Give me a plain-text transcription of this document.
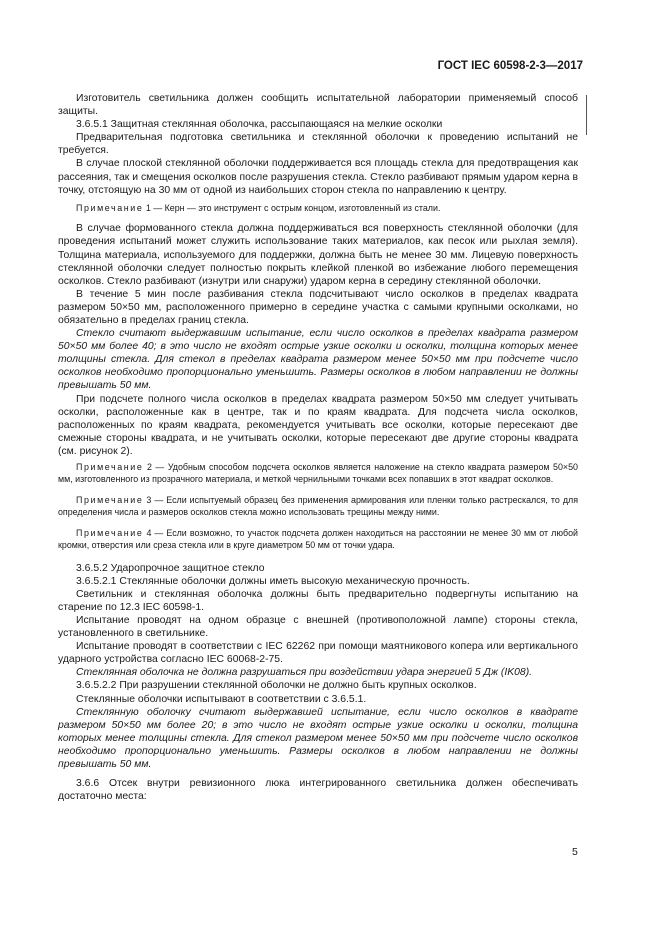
ГОСТ IEC 60598-2-3—2017

Изготовитель светильника должен сообщить испытательной лаборатории применяемый способ защиты.

3.6.5.1 Защитная стеклянная оболочка, рассыпающаяся на мелкие осколки

Предварительная подготовка светильника и стеклянной оболочки к проведению испытаний не требуется.

В случае плоской стеклянной оболочки поддерживается вся площадь стекла для предотвращения как рассеяния, так и смещения осколков после разрушения стекла. Стекло разбивают прямым ударом керна в точку, отстоящую на 30 мм от одной из наибольших сторон стекла по направлению к центру.

Примечание 1 — Керн — это инструмент с острым концом, изготовленный из стали.

В случае формованного стекла должна поддерживаться вся поверхность стеклянной оболочки (для проведения испытаний может служить использование таких материалов, как песок или рыхлая земля). Толщина материала, используемого для поддержки, должна быть не менее 30 мм. Лицевую поверхность стеклянной оболочки следует полностью покрыть клейкой пленкой во избежание любого перемещения осколков. Стекло разбивают (изнутри или снаружи) ударом керна в середину стеклянной оболочки.

В течение 5 мин после разбивания стекла подсчитывают число осколков в пределах квадрата размером 50×50 мм, расположенного примерно в середине участка с самыми крупными осколками, но обязательно в пределах границ стекла.

Стекло считают выдержавшим испытание, если число осколков в пределах квадрата размером 50×50 мм более 40; в это число не входят острые узкие осколки и осколки, толщина которых менее толщины стекла. Для стекол в пределах квадрата размером менее 50×50 мм при подсчете число осколков необходимо пропорционально уменьшить. Размеры осколков в любом направлении не должны превышать 50 мм.

При подсчете полного числа осколков в пределах квадрата размером 50×50 мм следует учитывать осколки, расположенные как в центре, так и по краям квадрата. Для подсчета числа осколков, расположенных по краям квадрата, рекомендуется учитывать все осколки, которые пересекают две смежные стороны квадрата, и не учитывать осколки, которые пересекают две другие стороны квадрата (см. рисунок 2).

Примечание 2 — Удобным способом подсчета осколков является наложение на стекло квадрата размером 50×50 мм, изготовленного из прозрачного материала, и меткой чернильными точками всех попавших в этот квадрат осколков.

Примечание 3 — Если испытуемый образец без применения армирования или пленки только растрескался, то для определения числа и размеров осколков стекла можно использовать трещины между ними.

Примечание 4 — Если возможно, то участок подсчета должен находиться на расстоянии не менее 30 мм от любой кромки, отверстия или среза стекла или в круге диаметром 50 мм от точки удара.

3.6.5.2 Ударопрочное защитное стекло

3.6.5.2.1 Стеклянные оболочки должны иметь высокую механическую прочность.

Светильник и стеклянная оболочка должны быть предварительно подвергнуты испытанию на старение по 12.3 IEC 60598-1.

Испытание проводят на одном образце с внешней (противоположной лампе) стороны стекла, установленного в светильнике.

Испытание проводят в соответствии с IEC 62262 при помощи маятникового копера или вертикального ударного устройства согласно IEC 60068-2-75.

Стеклянная оболочка не должна разрушаться при воздействии удара энергией 5 Дж (IK08).

3.6.5.2.2 При разрушении стеклянной оболочки не должно быть крупных осколков.

Стеклянные оболочки испытывают в соответствии с 3.6.5.1.

Стеклянную оболочку считают выдержавшей испытание, если число осколков в квадрате размером 50×50 мм более 20; в это число не входят острые узкие осколки и осколки, толщина которых менее толщины стекла. Для стекол размером менее 50×50 мм при подсчете число осколков необходимо пропорционально уменьшить. Размеры осколков в любом направлении не должны превышать 50 мм.

3.6.6 Отсек внутри ревизионного люка интегрированного светильника должен обеспечивать достаточно места:

5
